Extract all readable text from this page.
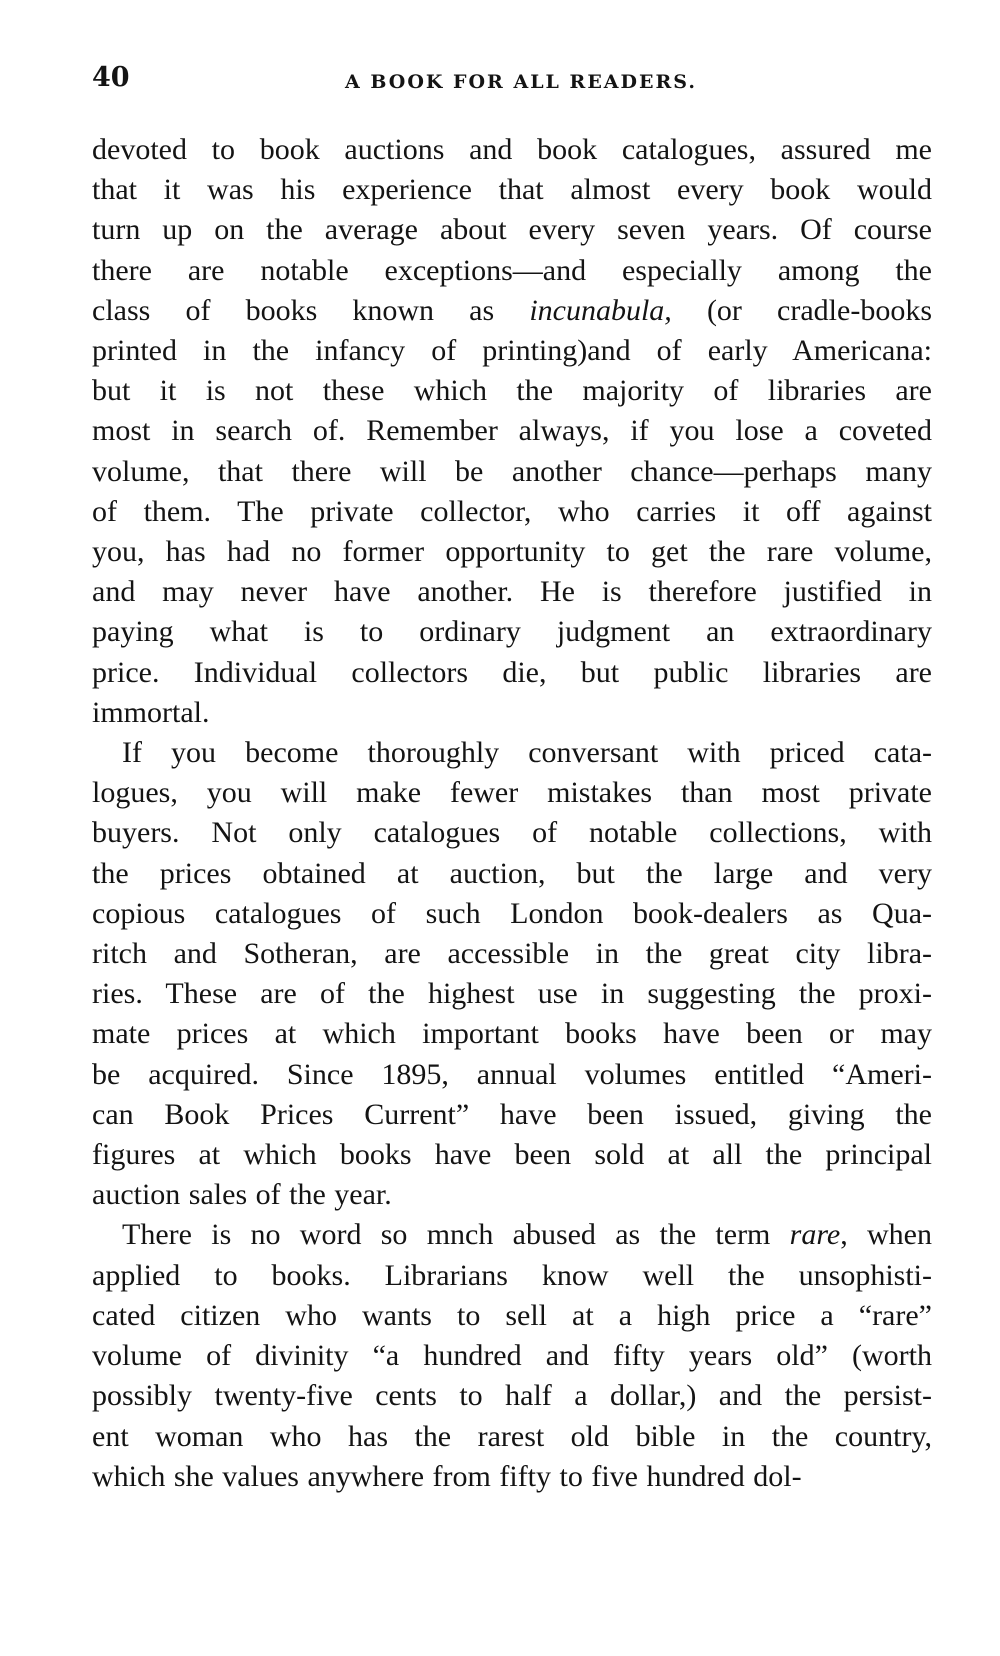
40	A BOOK FOR ALL READERS.

devoted to book auctions and book catalogues, assured me
that it was his experience that almost every book would
turn up on the average about every seven years. Of course
there are notable exceptions—and especially among the
class of books known as incunabula, (or cradle-books
printed in the infancy of printing)and of early Americana:
but it is not these which the majority of libraries are
most in search of. Remember always, if you lose a coveted
volume, that there will be another chance—perhaps many
of them. The private collector, who carries it off against
you, has had no former opportunity to get the rare volume,
and may never have another. He is therefore justified in
paying what is to ordinary judgment an extraordinary
price. Individual collectors die, but public libraries are
immortal.

If you become thoroughly conversant with priced cata-
logues, you will make fewer mistakes than most private
buyers. Not only catalogues of notable collections, with
the prices obtained at auction, but the large and very
copious catalogues of such London book-dealers as Qua-
ritch and Sotheran, are accessible in the great city libra-
ries. These are of the highest use in suggesting the proxi-
mate prices at which important books have been or may
be acquired. Since 1895, annual volumes entitled “Ameri-
can Book Prices Current” have been issued, giving the
figures at which books have been sold at all the principal
auction sales of the year.

There is no word so mnch abused as the term rare, when
applied to books. Librarians know well the unsophisti-
cated citizen who wants to sell at a high price a “rare”
volume of divinity “a hundred and fifty years old” (worth
possibly twenty-five cents to half a dollar,) and the persist-
ent woman who has the rarest old bible in the country,
which she values anywhere from fifty to five hundred dol-
